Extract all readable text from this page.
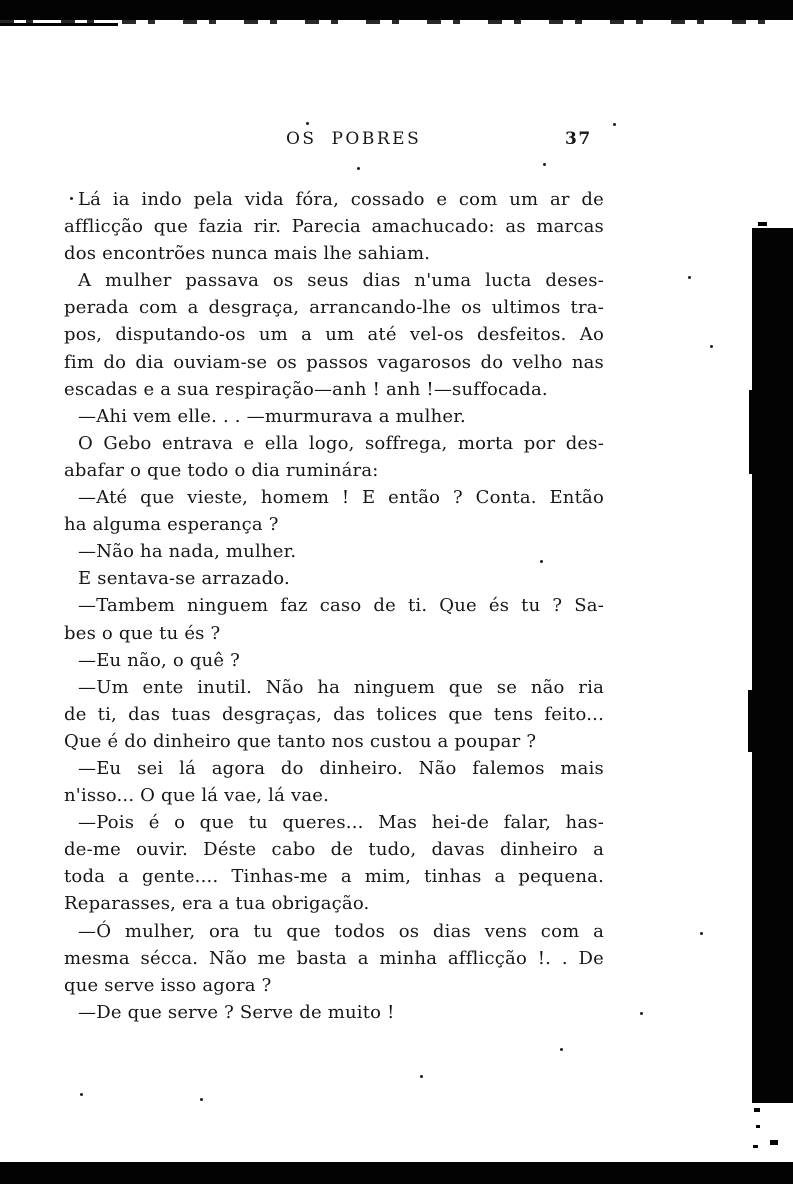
OS POBRES	37
Lá ia indo pela vida fóra, cossado e com um ar de
afflicção que fazia rir. Parecia amachucado: as marcas
dos encontrões nunca mais lhe sahiam.
A mulher passava os seus dias n'uma lucta deses-
perada com a desgraça, arrancando-lhe os ultimos tra-
pos, disputando-os um a um até vel-os desfeitos. Ao
fim do dia ouviam-se os passos vagarosos do velho nas
escadas e a sua respiração—anh ! anh !—suffocada.
—Ahi vem elle. . . —murmurava a mulher.
O Gebo entrava e ella logo, soffrega, morta por des-
abafar o que todo o dia ruminára:
—Até que vieste, homem ! E então ? Conta. Então
ha alguma esperança ?
—Não ha nada, mulher.
E sentava-se arrazado.
—Tambem ninguem faz caso de ti. Que és tu ? Sa-
bes o que tu és ?
—Eu não, o quê ?
—Um ente inutil. Não ha ninguem que se não ria
de ti, das tuas desgraças, das tolices que tens feito...
Que é do dinheiro que tanto nos custou a poupar ?
—Eu sei lá agora do dinheiro. Não falemos mais
n'isso... O que lá vae, lá vae.
—Pois é o que tu queres... Mas hei-de falar, has-
de-me ouvir. Déste cabo de tudo, davas dinheiro a
toda a gente.... Tinhas-me a mim, tinhas a pequena.
Reparasses, era a tua obrigação.
—Ó mulher, ora tu que todos os dias vens com a
mesma sécca. Não me basta a minha afflicção !. . De
que serve isso agora ?
—De que serve ? Serve de muito !
